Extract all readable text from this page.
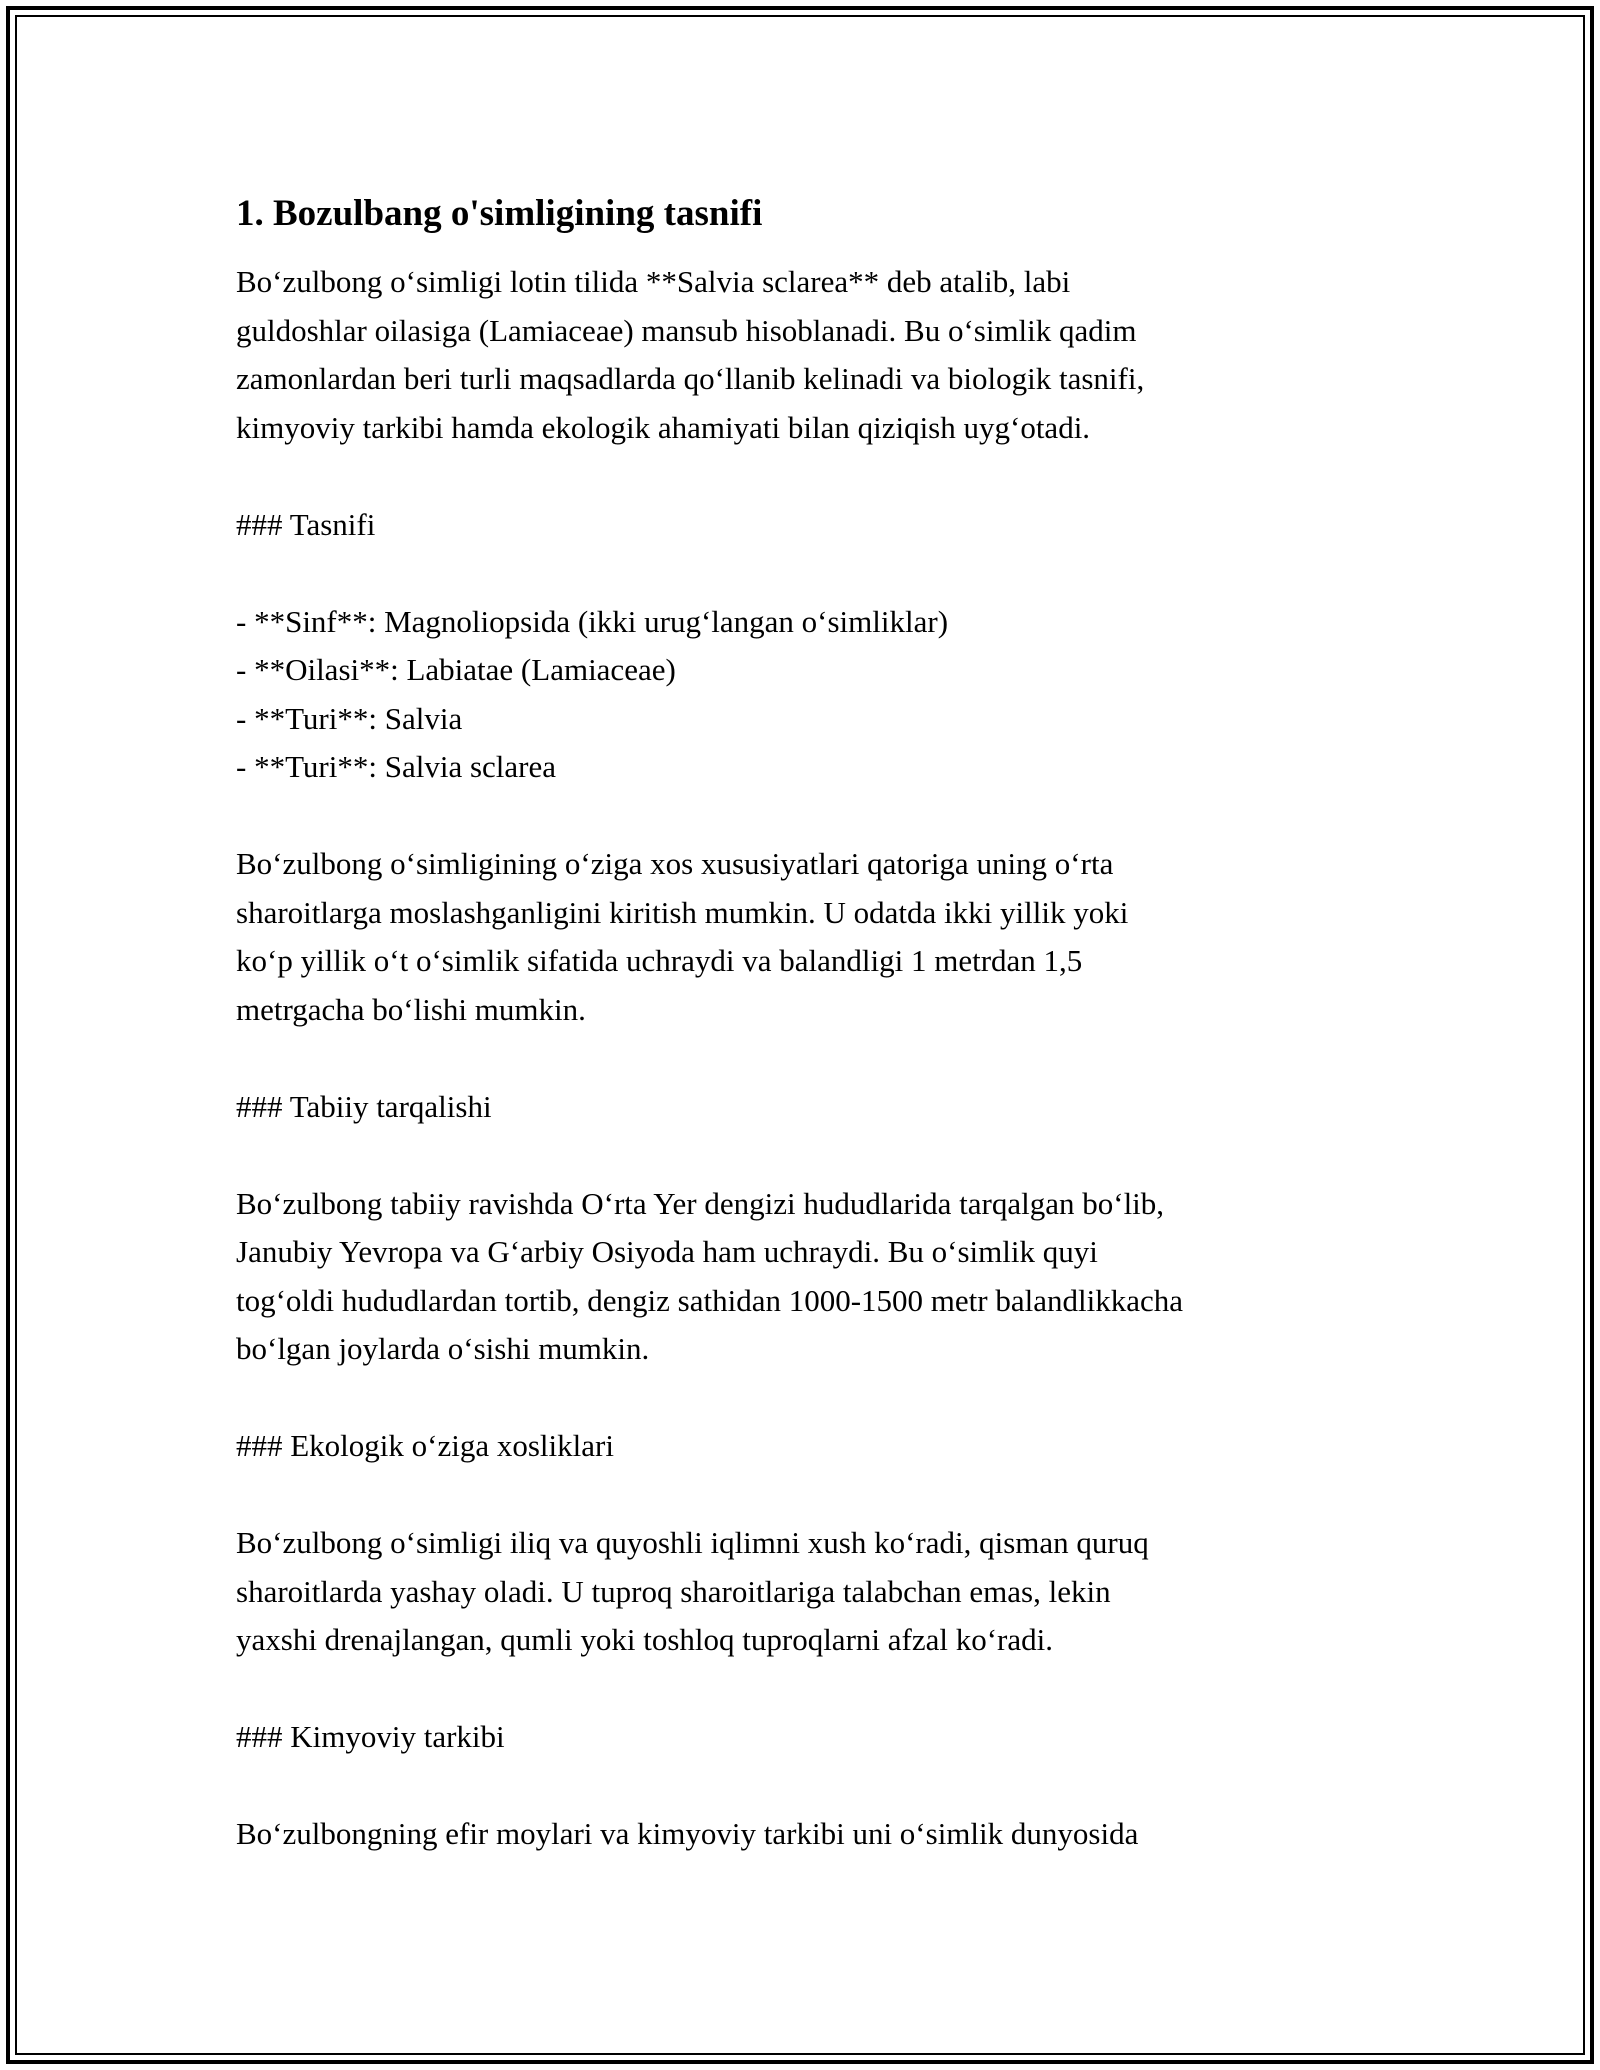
1. Bozulbang o'simligining tasnifi

Bo‘zulbong o‘simligi lotin tilida **Salvia sclarea** deb atalib, labi

guldoshlar oilasiga (Lamiaceae) mansub hisoblanadi. Bu o‘simlik qadim

zamonlardan beri turli maqsadlarda qo‘llanib kelinadi va biologik tasnifi,

kimyoviy tarkibi hamda ekologik ahamiyati bilan qiziqish uyg‘otadi.

### Tasnifi

- **Sinf**: Magnoliopsida (ikki urug‘langan o‘simliklar)

- **Oilasi**: Labiatae (Lamiaceae)

- **Turi**: Salvia

- **Turi**: Salvia sclarea

Bo‘zulbong o‘simligining o‘ziga xos xususiyatlari qatoriga uning o‘rta

sharoitlarga moslashganligini kiritish mumkin. U odatda ikki yillik yoki

ko‘p yillik o‘t o‘simlik sifatida uchraydi va balandligi 1 metrdan 1,5

metrgacha bo‘lishi mumkin.

### Tabiiy tarqalishi

Bo‘zulbong tabiiy ravishda O‘rta Yer dengizi hududlarida tarqalgan bo‘lib,

Janubiy Yevropa va G‘arbiy Osiyoda ham uchraydi. Bu o‘simlik quyi

tog‘oldi hududlardan tortib, dengiz sathidan 1000-1500 metr balandlikkacha

bo‘lgan joylarda o‘sishi mumkin.

### Ekologik o‘ziga xosliklari

Bo‘zulbong o‘simligi iliq va quyoshli iqlimni xush ko‘radi, qisman quruq

sharoitlarda yashay oladi. U tuproq sharoitlariga talabchan emas, lekin

yaxshi drenajlangan, qumli yoki toshloq tuproqlarni afzal ko‘radi.

### Kimyoviy tarkibi

Bo‘zulbongning efir moylari va kimyoviy tarkibi uni o‘simlik dunyosida
